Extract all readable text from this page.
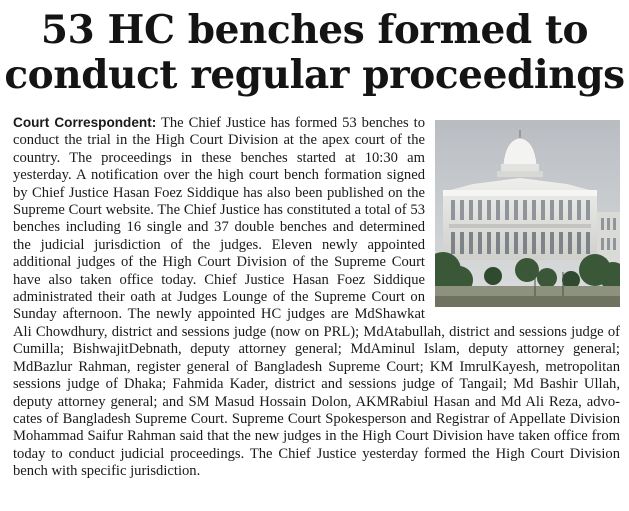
53 HC benches formed to
conduct regular proceedings
Court Correspondent: The Chief Justice has formed 53 benches to conduct the trial in the High Court Division at the apex court of the country. The proceedings in these benches started at 10:30 am yesterday. A notification over the high court bench formation signed by Chief Justice Hasan Foez Siddique has also been published on the Supreme Court website. The Chief Justice has constituted a total of 53 benches including 16 single and 37 double benches and determined the judicial jurisdiction of the judges. Eleven newly appointed additional judges of the High Court Division of the Supreme Court have also taken office today. Chief Justice Hasan Foez Siddique administrated their oath at Judges Lounge of the Supreme Court on Sunday afternoon. The newly appointed HC judges are MdShawkat Ali Chowdhury, district and sessions judge (now on PRL); MdAtabullah, district and sessions judge of Cumilla; BishwajitDebnath, deputy attorney general; MdAminul Islam, deputy attorney general; MdBazlur Rahman, register general of Bangladesh Supreme Court; KM ImrulKayesh, metropolitan sessions judge of Dhaka; Fahmida Kader, district and sessions judge of Tangail; Md Bashir Ullah, deputy attorney general; and SM Masud Hossain Dolon, AKMRabiul Hasan and Md Ali Reza, advocates of Bangladesh Supreme Court. Supreme Court Spokesperson and Registrar of Appellate Division Mohammad Saifur Rahman said that the new judges in the High Court Division have taken office from today to conduct judicial proceedings. The Chief Justice yesterday formed the High Court Division bench with specific jurisdiction.
